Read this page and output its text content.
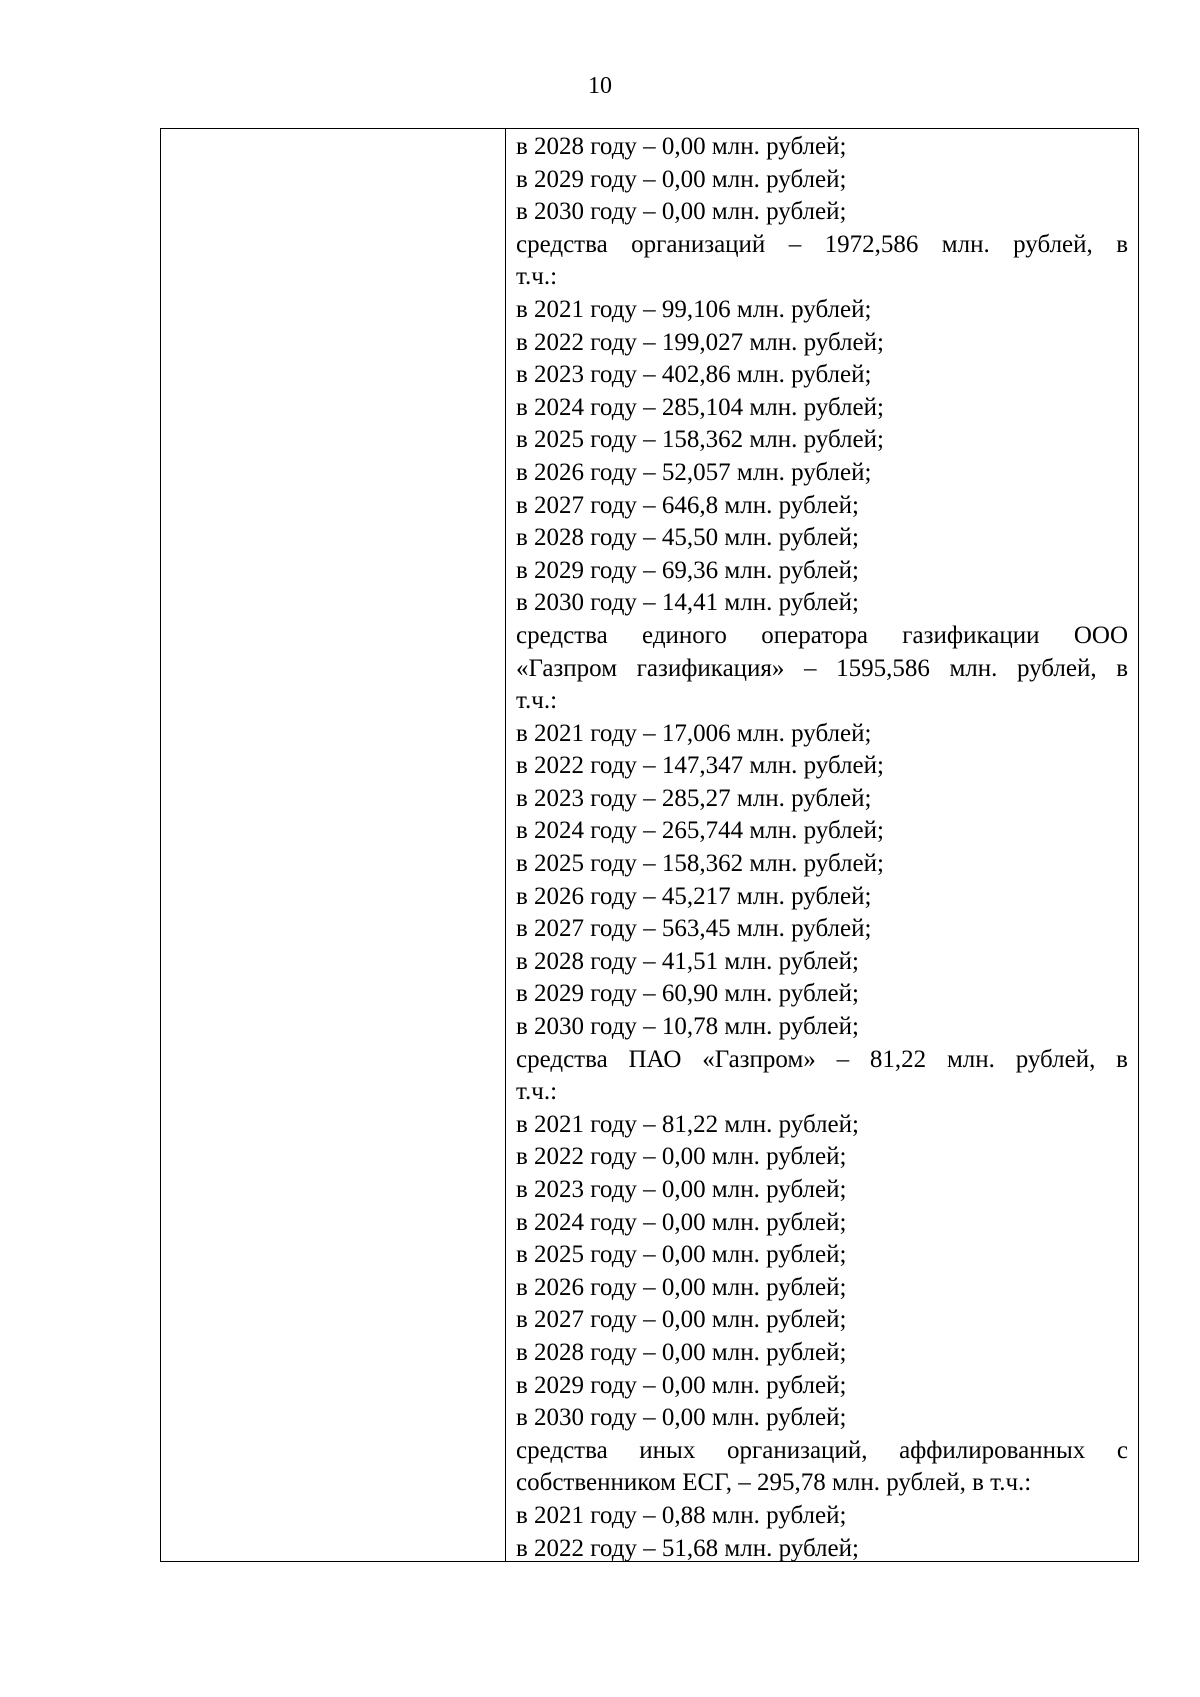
10
в 2028 году – 0,00 млн. рублей;
в 2029 году – 0,00 млн. рублей;
в 2030 году – 0,00 млн. рублей;
средства организаций – 1972,586 млн. рублей, в
т.ч.:
в 2021 году – 99,106 млн. рублей;
в 2022 году – 199,027 млн. рублей;
в 2023 году – 402,86 млн. рублей;
в 2024 году – 285,104 млн. рублей;
в 2025 году – 158,362 млн. рублей;
в 2026 году – 52,057 млн. рублей;
в 2027 году – 646,8 млн. рублей;
в 2028 году – 45,50 млн. рублей;
в 2029 году – 69,36 млн. рублей;
в 2030 году – 14,41 млн. рублей;
средства единого оператора газификации ООО
«Газпром газификация» – 1595,586 млн. рублей, в
т.ч.:
в 2021 году – 17,006 млн. рублей;
в 2022 году – 147,347 млн. рублей;
в 2023 году – 285,27 млн. рублей;
в 2024 году – 265,744 млн. рублей;
в 2025 году – 158,362 млн. рублей;
в 2026 году – 45,217 млн. рублей;
в 2027 году – 563,45 млн. рублей;
в 2028 году – 41,51 млн. рублей;
в 2029 году – 60,90 млн. рублей;
в 2030 году – 10,78 млн. рублей;
средства ПАО «Газпром» – 81,22 млн. рублей, в
т.ч.:
в 2021 году – 81,22 млн. рублей;
в 2022 году – 0,00 млн. рублей;
в 2023 году – 0,00 млн. рублей;
в 2024 году – 0,00 млн. рублей;
в 2025 году – 0,00 млн. рублей;
в 2026 году – 0,00 млн. рублей;
в 2027 году – 0,00 млн. рублей;
в 2028 году – 0,00 млн. рублей;
в 2029 году – 0,00 млн. рублей;
в 2030 году – 0,00 млн. рублей;
средства иных организаций, аффилированных с
собственником ЕСГ, – 295,78 млн. рублей, в т.ч.:
в 2021 году – 0,88 млн. рублей;
в 2022 году – 51,68 млн. рублей;
